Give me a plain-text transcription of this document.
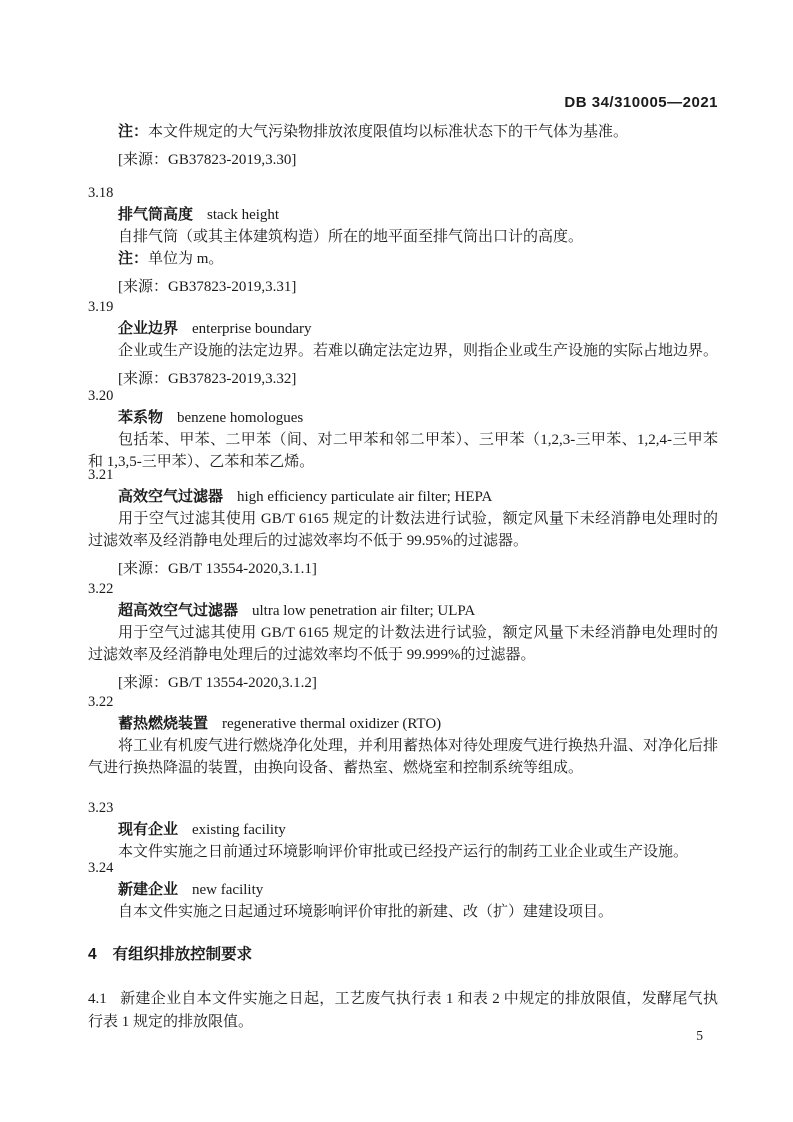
DB 34/310005—2021

注：本文件规定的大气污染物排放浓度限值均以标准状态下的干气体为基准。

[来源：GB37823-2019,3.30]

3.18

排气筒高度 stack height

自排气筒（或其主体建筑构造）所在的地平面至排气筒出口计的高度。

注：单位为 m。

[来源：GB37823-2019,3.31]

3.19

企业边界 enterprise boundary

企业或生产设施的法定边界。若难以确定法定边界，则指企业或生产设施的实际占地边界。

[来源：GB37823-2019,3.32]

3.20

苯系物 benzene homologues

包括苯、甲苯、二甲苯（间、对二甲苯和邻二甲苯）、三甲苯（1,2,3-三甲苯、1,2,4-三甲苯和 1,3,5-三甲苯）、乙苯和苯乙烯。

3.21

高效空气过滤器 high efficiency particulate air filter; HEPA

用于空气过滤其使用 GB/T 6165 规定的计数法进行试验，额定风量下未经消静电处理时的过滤效率及经消静电处理后的过滤效率均不低于 99.95%的过滤器。

[来源：GB/T 13554-2020,3.1.1]

3.22

超高效空气过滤器 ultra low penetration air filter; ULPA

用于空气过滤其使用 GB/T 6165 规定的计数法进行试验，额定风量下未经消静电处理时的过滤效率及经消静电处理后的过滤效率均不低于 99.999%的过滤器。

[来源：GB/T 13554-2020,3.1.2]

3.22

蓄热燃烧装置 regenerative thermal oxidizer (RTO)

将工业有机废气进行燃烧净化处理，并利用蓄热体对待处理废气进行换热升温、对净化后排气进行换热降温的装置，由换向设备、蓄热室、燃烧室和控制系统等组成。

3.23

现有企业 existing facility

本文件实施之日前通过环境影响评价审批或已经投产运行的制药工业企业或生产设施。

3.24

新建企业 new facility

自本文件实施之日起通过环境影响评价审批的新建、改（扩）建建设项目。

4 有组织排放控制要求
4.1 新建企业自本文件实施之日起，工艺废气执行表 1 和表 2 中规定的排放限值，发酵尾气执行表 1 规定的排放限值。
5
